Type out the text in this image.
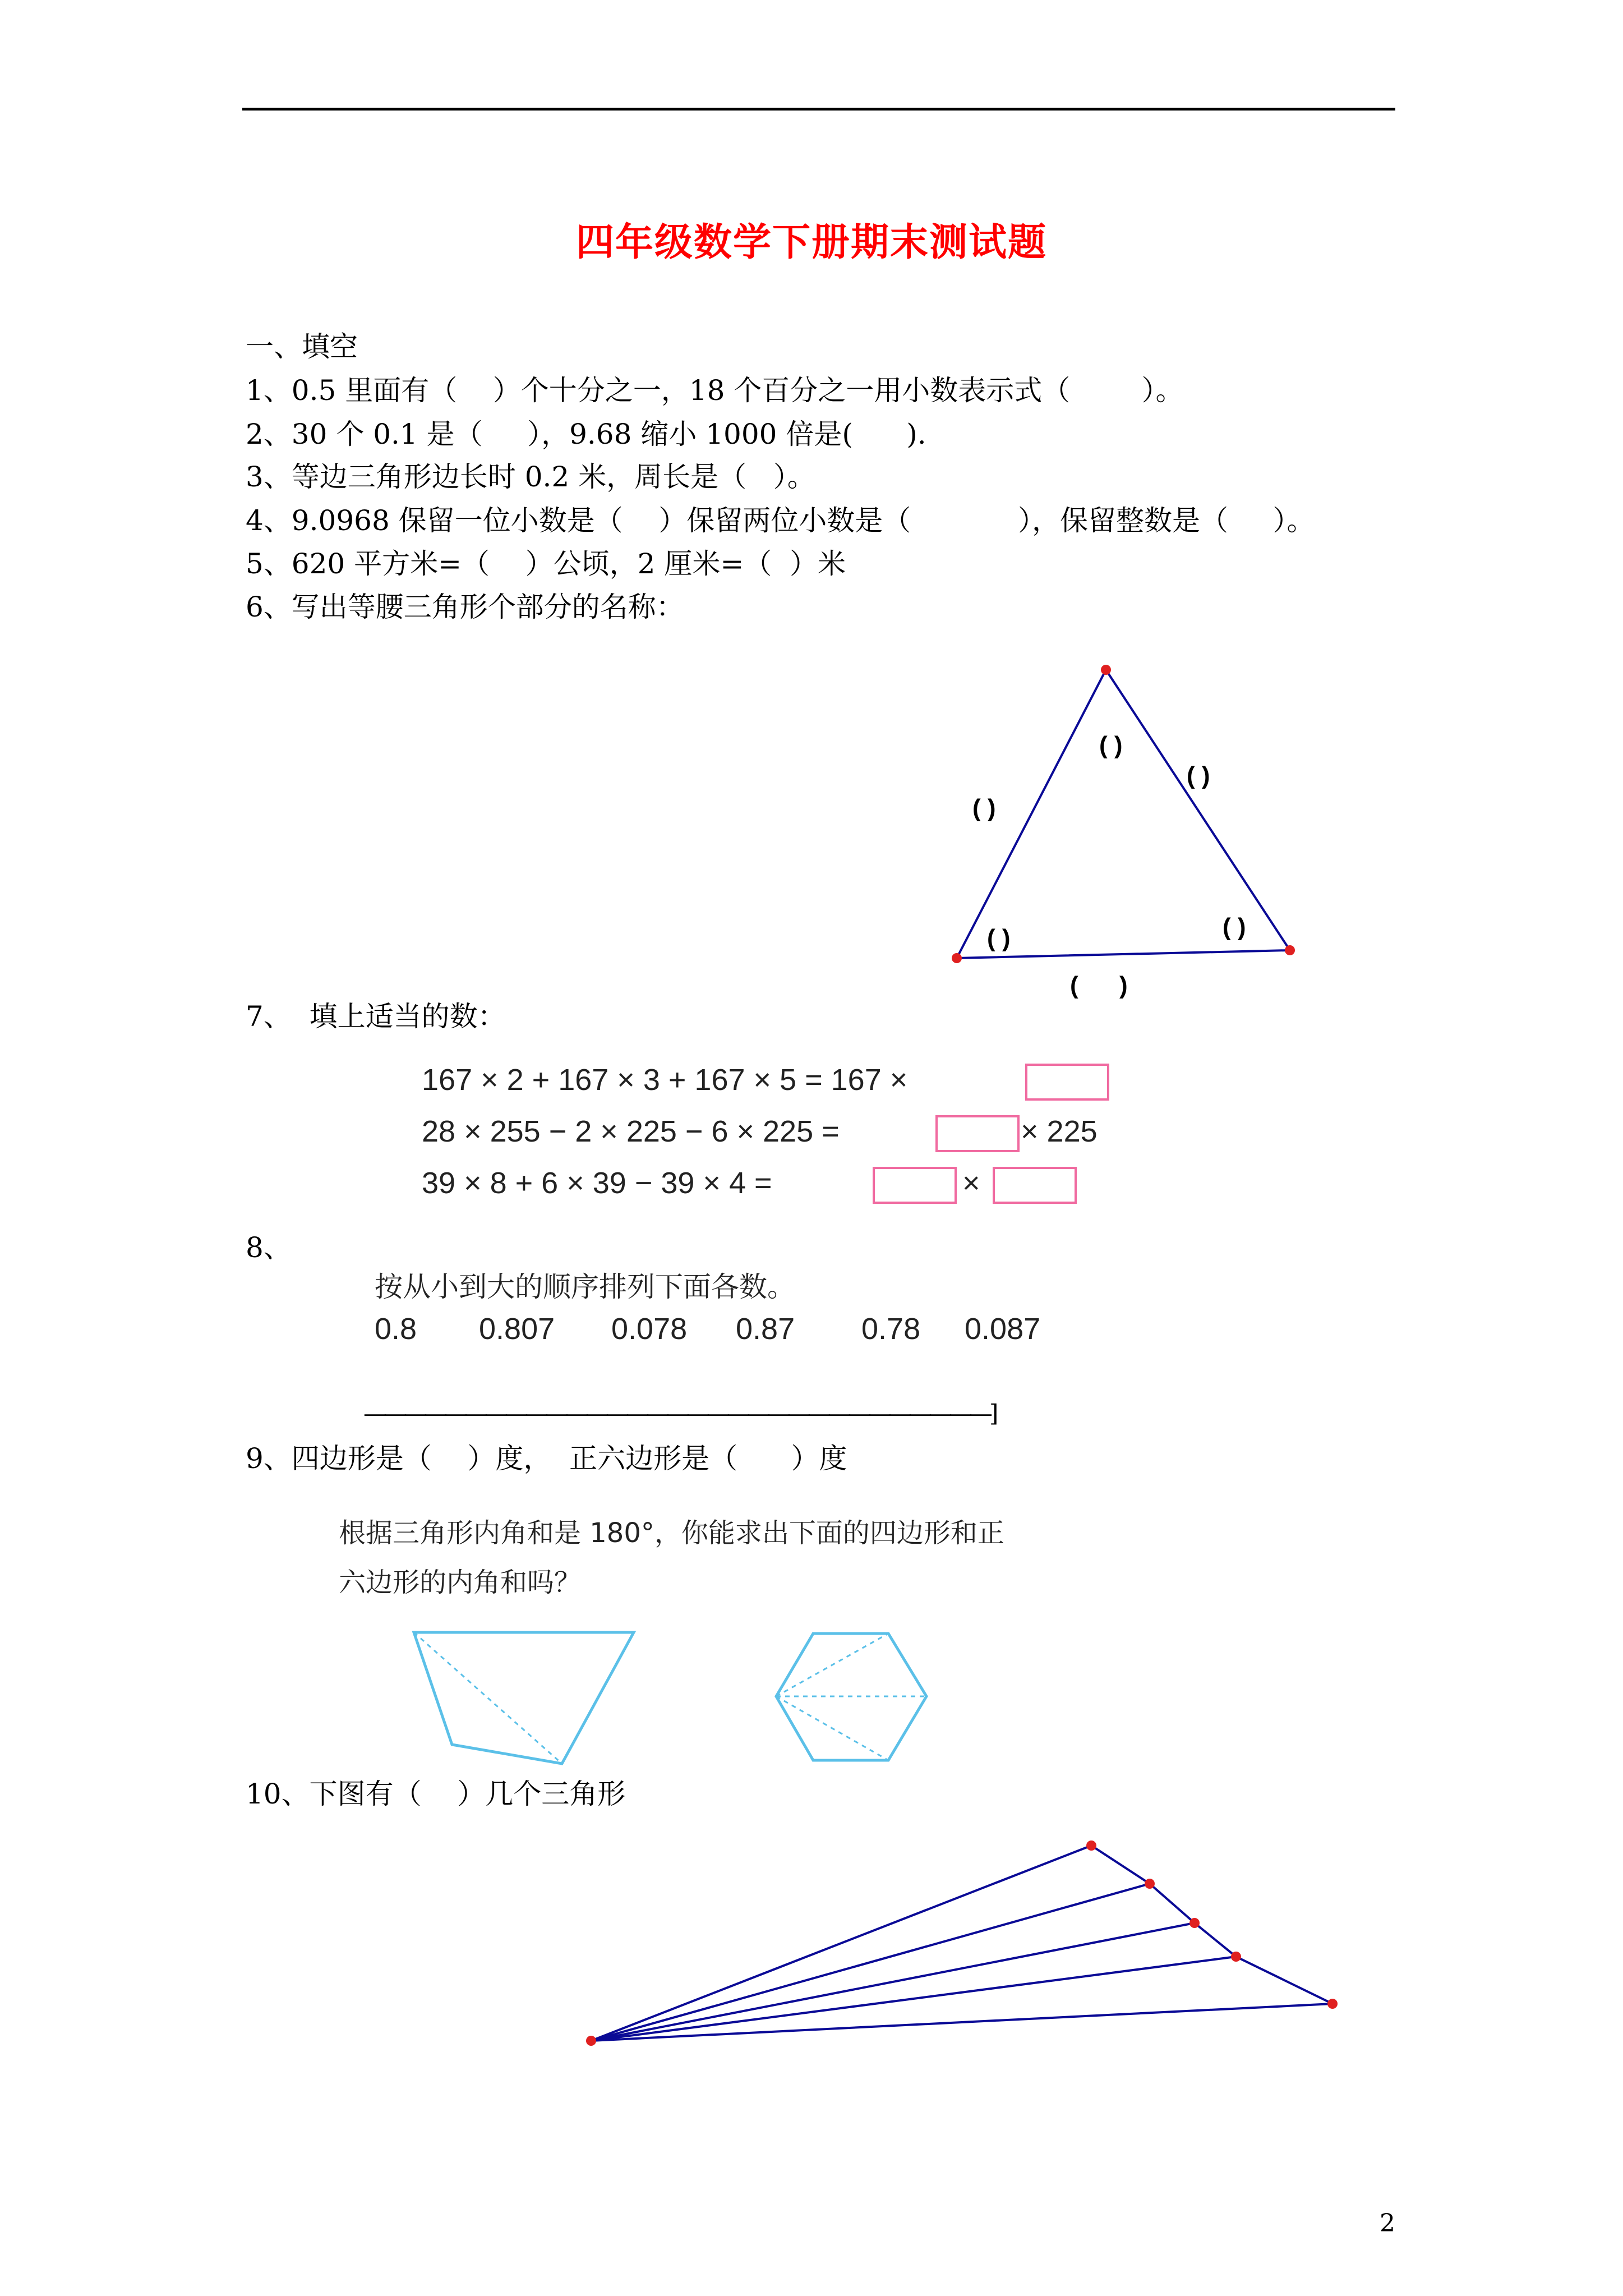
四年级数学下册期末测试题
一、填空
1、0.5 里面有（    ）个十分之一，18 个百分之一用小数表示式（        ）。
2、30 个 0.1 是（     ），9.68 缩小 1000 倍是(      ).
3、等边三角形边长时 0.2 米，周长是（   ）。
4、9.0968 保留一位小数是（    ）保留两位小数是（            ），保留整数是（     ）。
5、620 平方米=（    ）公顷，2 厘米=（  ）米
6、写出等腰三角形个部分的名称：
( )
( )
( )
( )	( )
(      )
7、  填上适当的数：
167 × 2 + 167 × 3 + 167 × 5 = 167 ×
28 × 255 − 2 × 225 − 6 × 225 =	× 225
39 × 8 + 6 × 39 − 39 × 4 =	×
8、
按从小到大的顺序排列下面各数。
0.8 0.807 0.078 0.87 0.78 0.087
———————————————————————————————]
9、四边形是（    ）度，  正六边形是（      ）度
根据三角形内角和是 180°，你能求出下面的四边形和正
六边形的内角和吗？
10、下图有（    ）几个三角形
2
